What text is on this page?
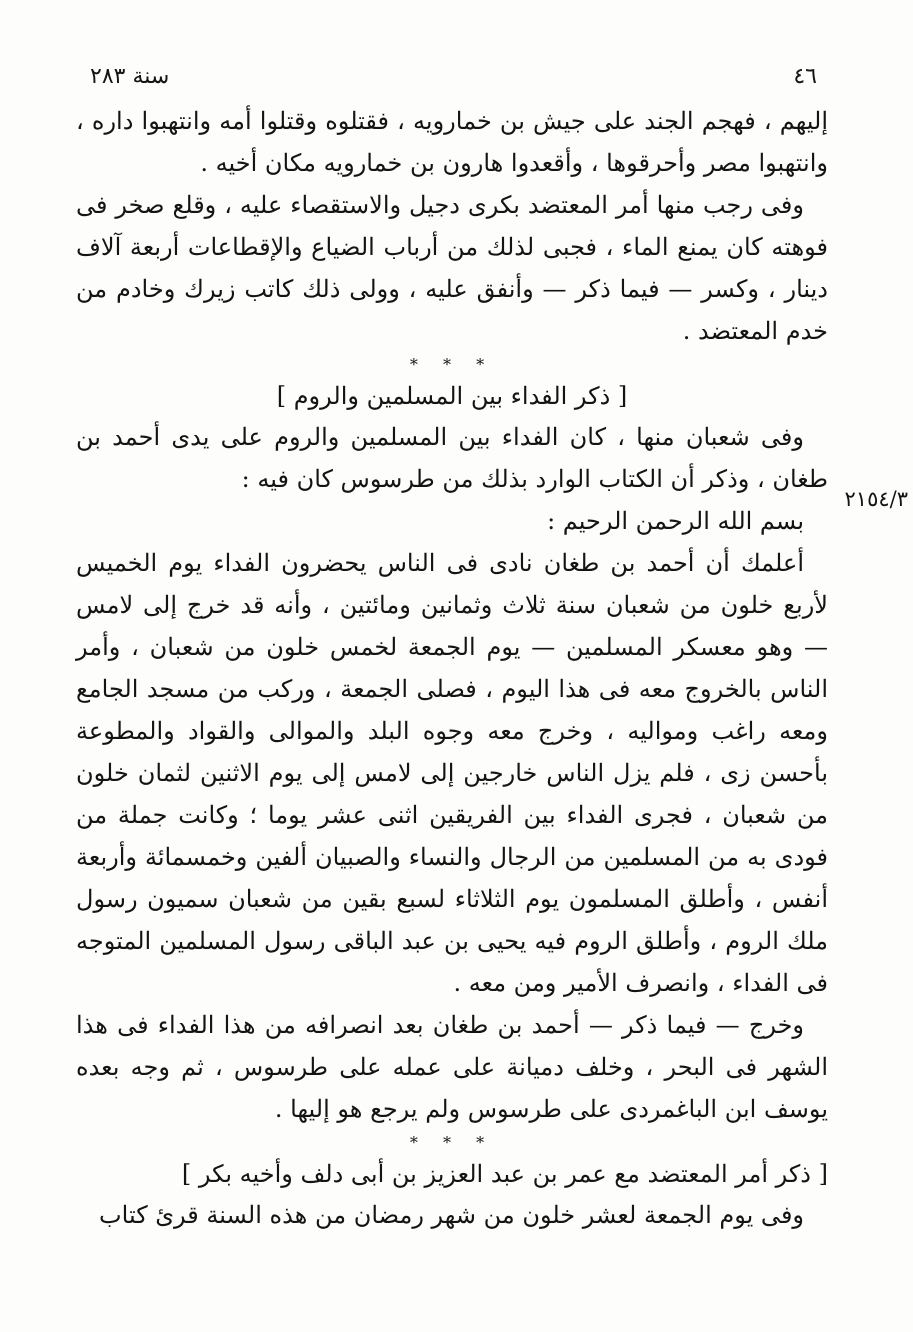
٤٦
سنة ٢٨٣
٢١٥٤/٣

إليهم ، فهجم الجند على جيش بن خمارويه ، فقتلوه وقتلوا أمه وانتهبوا داره ، وانتهبوا مصر وأحرقوها ، وأقعدوا هارون بن خمارويه مكان أخيه .

وفى رجب منها أمر المعتضد بكرى دجيل والاستقصاء عليه ، وقلع صخر فى فوهته كان يمنع الماء ، فجبى لذلك من أرباب الضياع والإقطاعات أربعة آلاف دينار ، وكسر — فيما ذكر — وأنفق عليه ، وولى ذلك كاتب زيرك وخادم من خدم المعتضد .

* * *
[ ذكر الفداء بين المسلمين والروم ]

وفى شعبان منها ، كان الفداء بين المسلمين والروم على يدى أحمد بن طغان ، وذكر أن الكتاب الوارد بذلك من طرسوس كان فيه :

بسم الله الرحمن الرحيم :

أعلمك أن أحمد بن طغان نادى فى الناس يحضرون الفداء يوم الخميس لأربع خلون من شعبان سنة ثلاث وثمانين ومائتين ، وأنه قد خرج إلى لامس — وهو معسكر المسلمين — يوم الجمعة لخمس خلون من شعبان ، وأمر الناس بالخروج معه فى هذا اليوم ، فصلى الجمعة ، وركب من مسجد الجامع ومعه راغب ومواليه ، وخرج معه وجوه البلد والموالى والقواد والمطوعة بأحسن زى ، فلم يزل الناس خارجين إلى لامس إلى يوم الاثنين لثمان خلون من شعبان ، فجرى الفداء بين الفريقين اثنى عشر يوما ؛ وكانت جملة من فودى به من المسلمين من الرجال والنساء والصبيان ألفين وخمسمائة وأربعة أنفس ، وأطلق المسلمون يوم الثلاثاء لسبع بقين من شعبان سميون رسول ملك الروم ، وأطلق الروم فيه يحيى بن عبد الباقى رسول المسلمين المتوجه فى الفداء ، وانصرف الأمير ومن معه .

وخرج — فيما ذكر — أحمد بن طغان بعد انصرافه من هذا الفداء فى هذا الشهر فى البحر ، وخلف دميانة على عمله على طرسوس ، ثم وجه بعده يوسف ابن الباغمردى على طرسوس ولم يرجع هو إليها .

* * *
[ ذكر أمر المعتضد مع عمر بن عبد العزيز بن أبى دلف وأخيه بكر ]

وفى يوم الجمعة لعشر خلون من شهر رمضان من هذه السنة قرئ كتاب
